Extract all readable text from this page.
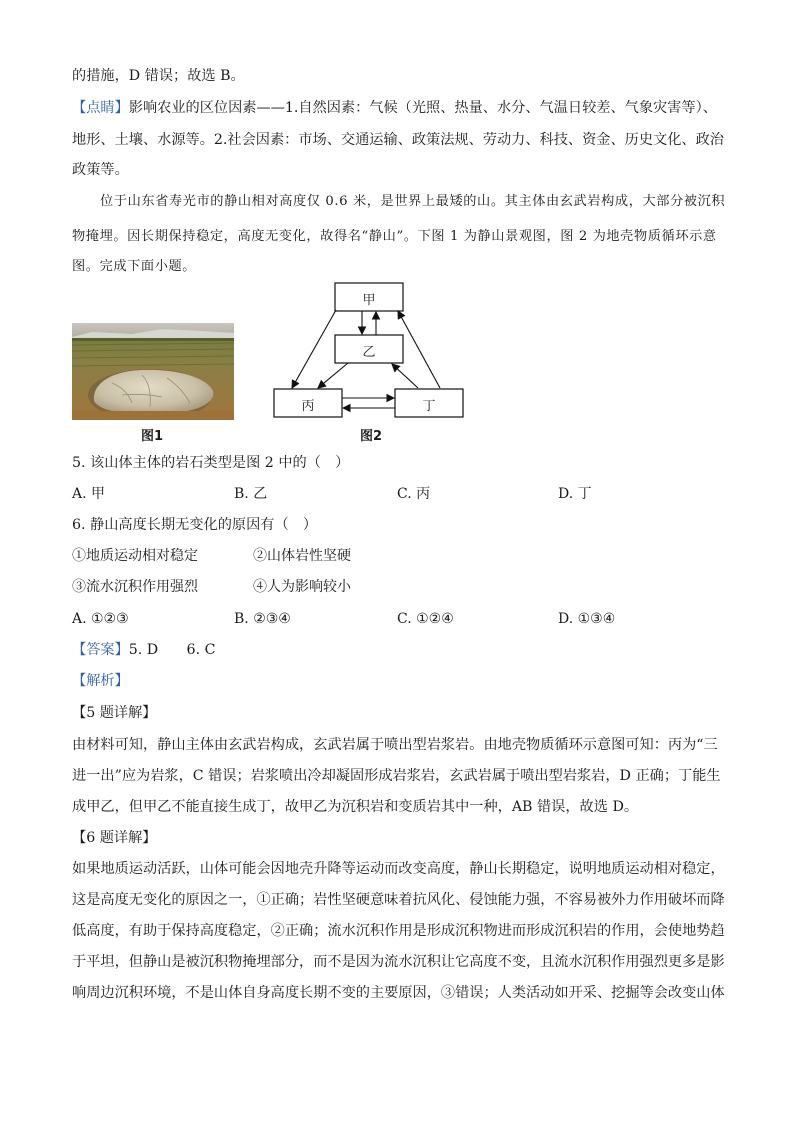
的措施，D 错误；故选 B。
【点睛】影响农业的区位因素——1.自然因素：气候（光照、热量、水分、气温日较差、气象灾害等）、
地形、土壤、水源等。2.社会因素：市场、交通运输、政策法规、劳动力、科技、资金、历史文化、政治
政策等。
位于山东省寿光市的静山相对高度仅 0.6 米，是世界上最矮的山。其主体由玄武岩构成，大部分被沉积
物掩埋。因长期保持稳定，高度无变化，故得名“静山”。下图 1 为静山景观图，图 2 为地壳物质循环示意
图。完成下面小题。
图1
甲
乙
丙	丁
图2
5. 该山体主体的岩石类型是图 2 中的（　）
A. 甲	B. 乙	C. 丙	D. 丁
6. 静山高度长期无变化的原因有（　）
①地质运动相对稳定	②山体岩性坚硬
③流水沉积作用强烈	④人为影响较小
A. ①②③	B. ②③④	C. ①②④	D. ①③④
【答案】5. D　　6. C
【解析】
【5 题详解】
由材料可知，静山主体由玄武岩构成，玄武岩属于喷出型岩浆岩。由地壳物质循环示意图可知：丙为“三
进一出”应为岩浆，C 错误；岩浆喷出冷却凝固形成岩浆岩，玄武岩属于喷出型岩浆岩，D 正确；丁能生
成甲乙，但甲乙不能直接生成丁，故甲乙为沉积岩和变质岩其中一种，AB 错误，故选 D。
【6 题详解】
如果地质运动活跃，山体可能会因地壳升降等运动而改变高度，静山长期稳定，说明地质运动相对稳定，
这是高度无变化的原因之一，①正确；岩性坚硬意味着抗风化、侵蚀能力强，不容易被外力作用破坏而降
低高度，有助于保持高度稳定，②正确；流水沉积作用是形成沉积物进而形成沉积岩的作用，会使地势趋
于平坦，但静山是被沉积物掩埋部分，而不是因为流水沉积让它高度不变，且流水沉积作用强烈更多是影
响周边沉积环境，不是山体自身高度长期不变的主要原因，③错误；人类活动如开采、挖掘等会改变山体
